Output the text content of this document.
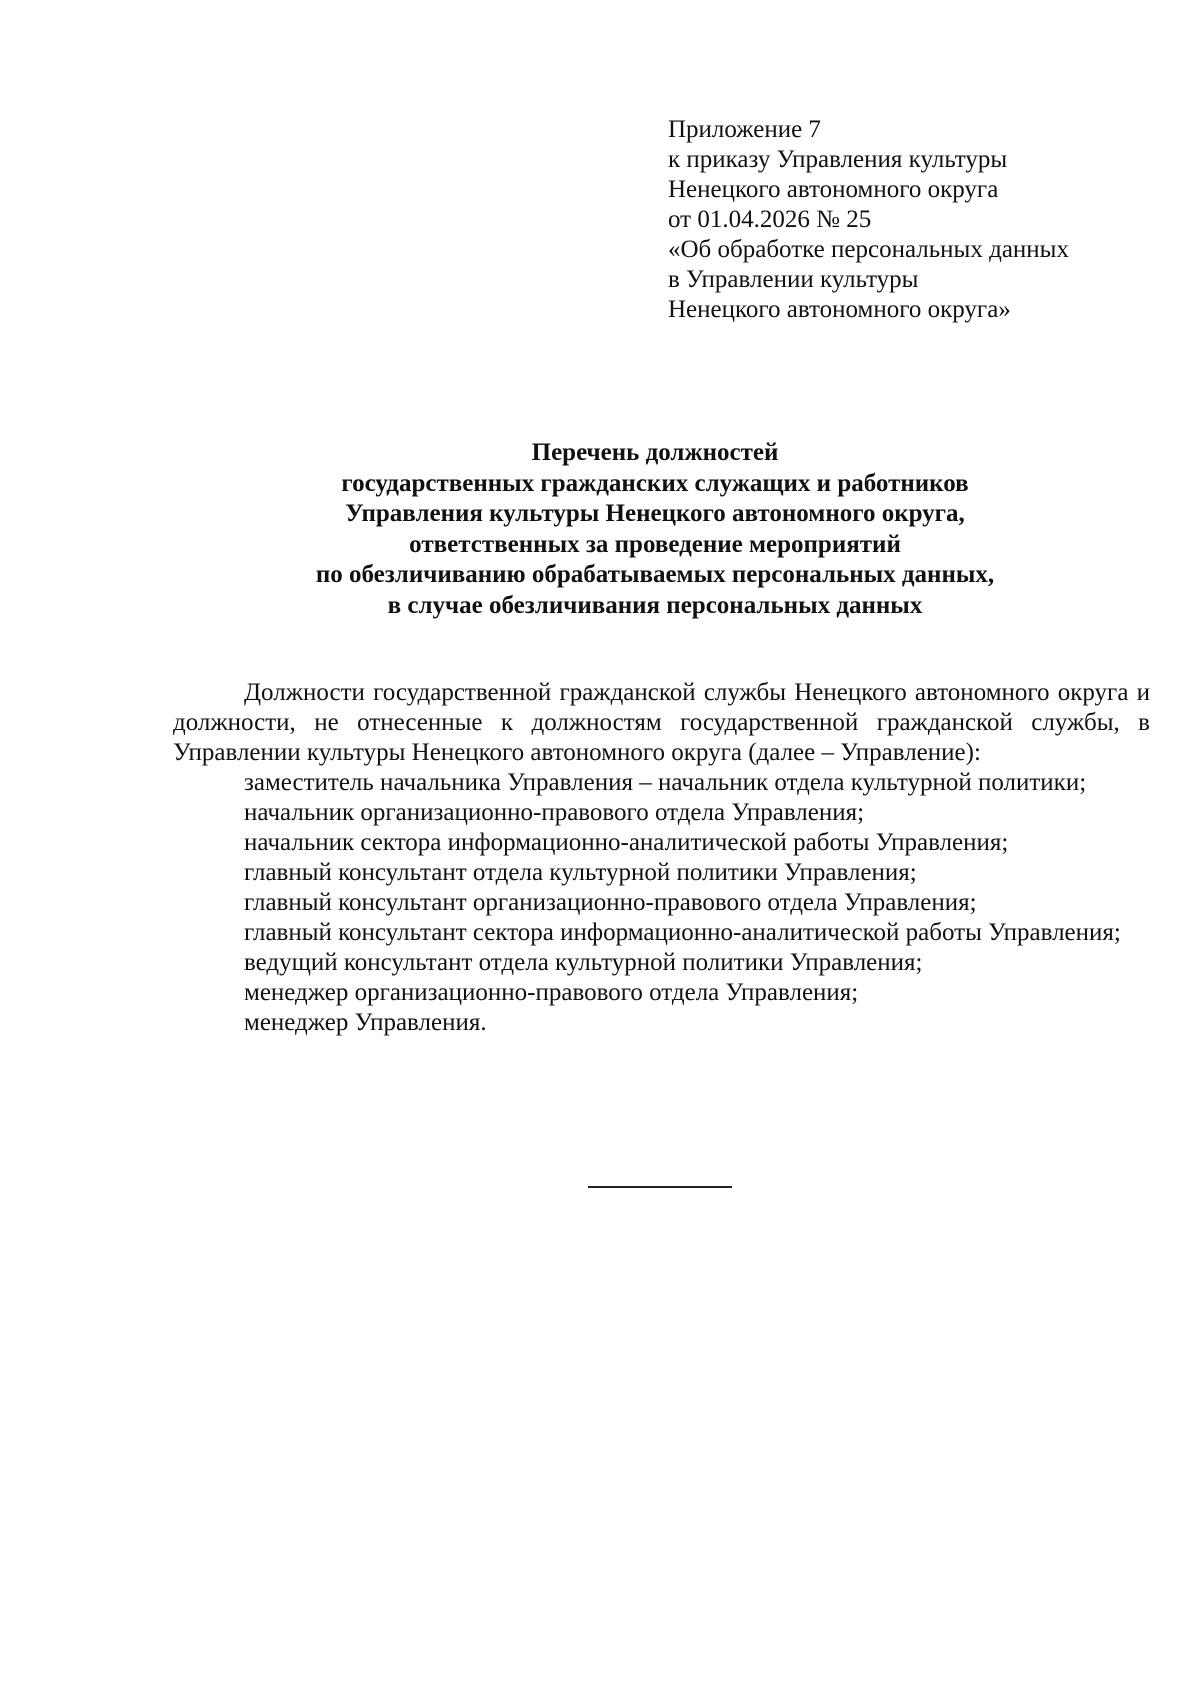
Приложение 7
к приказу Управления культуры
Ненецкого автономного округа
от 01.04.2026 № 25
«Об обработке персональных данных
в Управлении культуры
Ненецкого автономного округа»
Перечень должностей
государственных гражданских служащих и работников
Управления культуры Ненецкого автономного округа,
ответственных за проведение мероприятий
по обезличиванию обрабатываемых персональных данных,
в случае обезличивания персональных данных

Должности государственной гражданской службы Ненецкого автономного округа и должности, не отнесенные к должностям государственной гражданской службы, в Управлении культуры Ненецкого автономного округа (далее – Управление):

заместитель начальника Управления – начальник отдела культурной политики;

начальник организационно-правового отдела Управления;

начальник сектора информационно-аналитической работы Управления;

главный консультант отдела культурной политики Управления;

главный консультант организационно-правового отдела Управления;

главный консультант сектора информационно-аналитической работы Управления;

ведущий консультант отдела культурной политики Управления;

менеджер организационно-правового отдела Управления;

менеджер Управления.
